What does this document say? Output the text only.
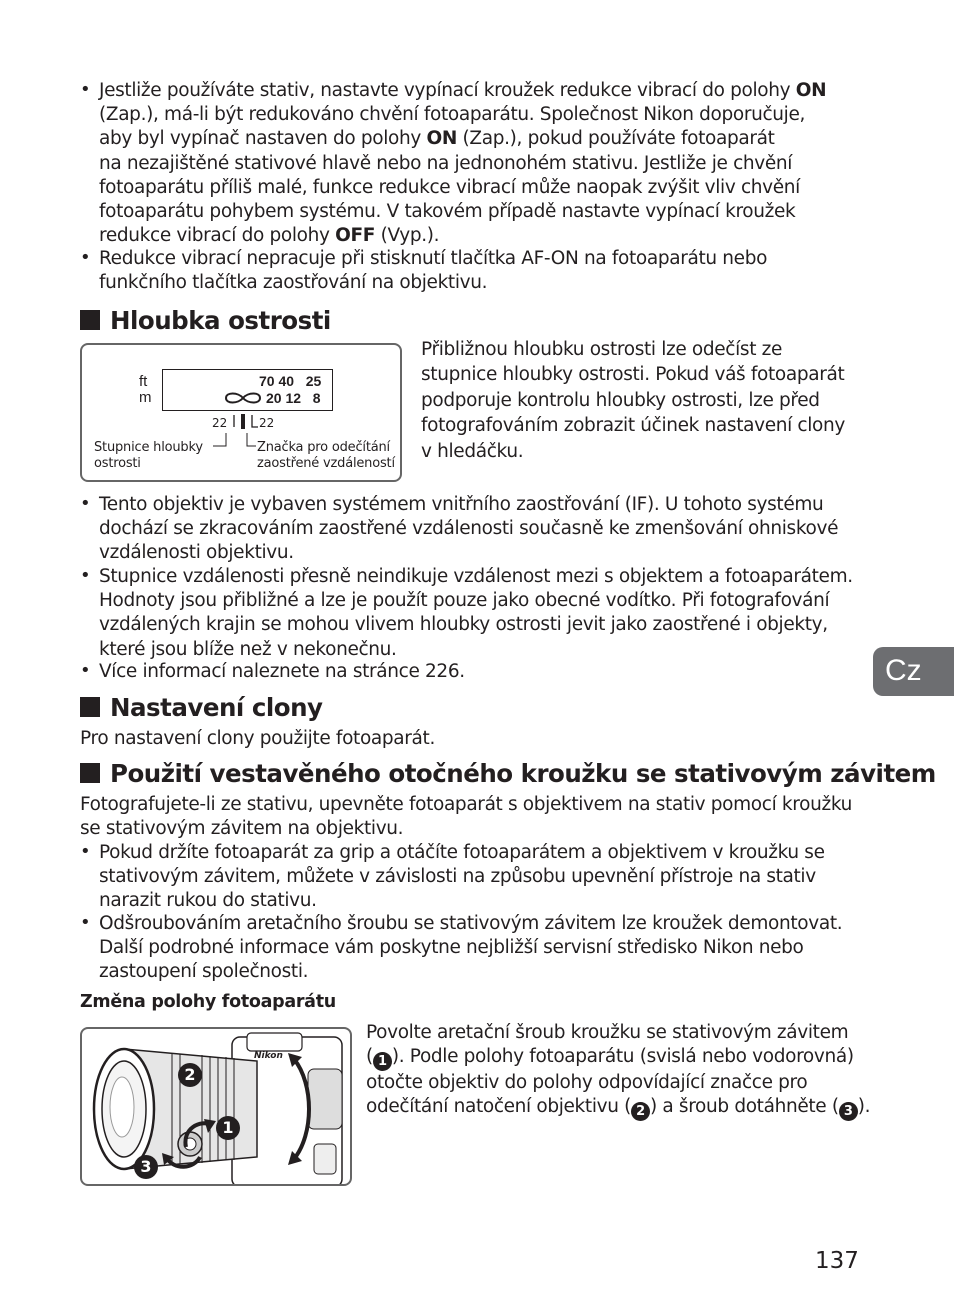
• Jestliže používáte stativ, nastavte vypínací kroužek redukce vibrací do polohy ON
(Zap.), má-li být redukováno chvění fotoaparátu. Společnost Nikon doporučuje,
aby byl vypínač nastaven do polohy ON (Zap.), pokud používáte fotoaparát
na nezajištěné stativové hlavě nebo na jednonohém stativu. Jestliže je chvění
fotoaparátu příliš malé, funkce redukce vibrací může naopak zvýšit vliv chvění
fotoaparátu pohybem systému. V takovém případě nastavte vypínací kroužek
redukce vibrací do polohy OFF (Vyp.).
• Redukce vibrací nepracuje při stisknutí tlačítka AF-ON na fotoaparátu nebo
funkčního tlačítka zaostřování na objektivu.
Hloubka ostrosti
ft
m
70 40   25
20 12   8
22	22
Stupnice hloubky
ostrosti
Značka pro odečítání
zaostřené vzdáleností
Přibližnou hloubku ostrosti lze odečíst ze
stupnice hloubky ostrosti. Pokud váš fotoaparát
podporuje kontrolu hloubky ostrosti, lze před
fotografováním zobrazit účinek nastavení clony
v hledáčku.
• Tento objektiv je vybaven systémem vnitřního zaostřování (IF). U tohoto systému
dochází se zkracováním zaostřené vzdálenosti současně ke zmenšování ohniskové
vzdálenosti objektivu.
• Stupnice vzdálenosti přesně neindikuje vzdálenost mezi s objektem a fotoaparátem.
Hodnoty jsou přibližné a lze je použít pouze jako obecné vodítko. Při fotografování
vzdálených krajin se mohou vlivem hloubky ostrosti jevit jako zaostřené i objekty,
které jsou blíže než v nekonečnu.
• Více informací naleznete na stránce 226.
Nastavení clony
Pro nastavení clony použijte fotoaparát.
Použití vestavěného otočného kroužku se stativovým závitem
Fotografujete-li ze stativu, upevněte fotoaparát s objektivem na stativ pomocí kroužku
se stativovým závitem na objektivu.
• Pokud držíte fotoaparát za grip a otáčíte fotoaparátem a objektivem v kroužku se
stativovým závitem, můžete v závislosti na způsobu upevnění přístroje na stativ
narazit rukou do stativu.
• Odšroubováním aretačního šroubu se stativovým závitem lze kroužek demontovat.
Další podrobné informace vám poskytne nejbližší servisní středisko Nikon nebo
zastoupení společnosti.
Změna polohy fotoaparátu
Nikon
2
1
3
Povolte aretační šroub kroužku se stativovým závitem
( 1 ). Podle polohy fotoaparátu (svislá nebo vodorovná)
otočte objektiv do polohy odpovídající značce pro
odečítání natočení objektivu ( 2 ) a šroub dotáhněte ( 3 ).
Cz
137
